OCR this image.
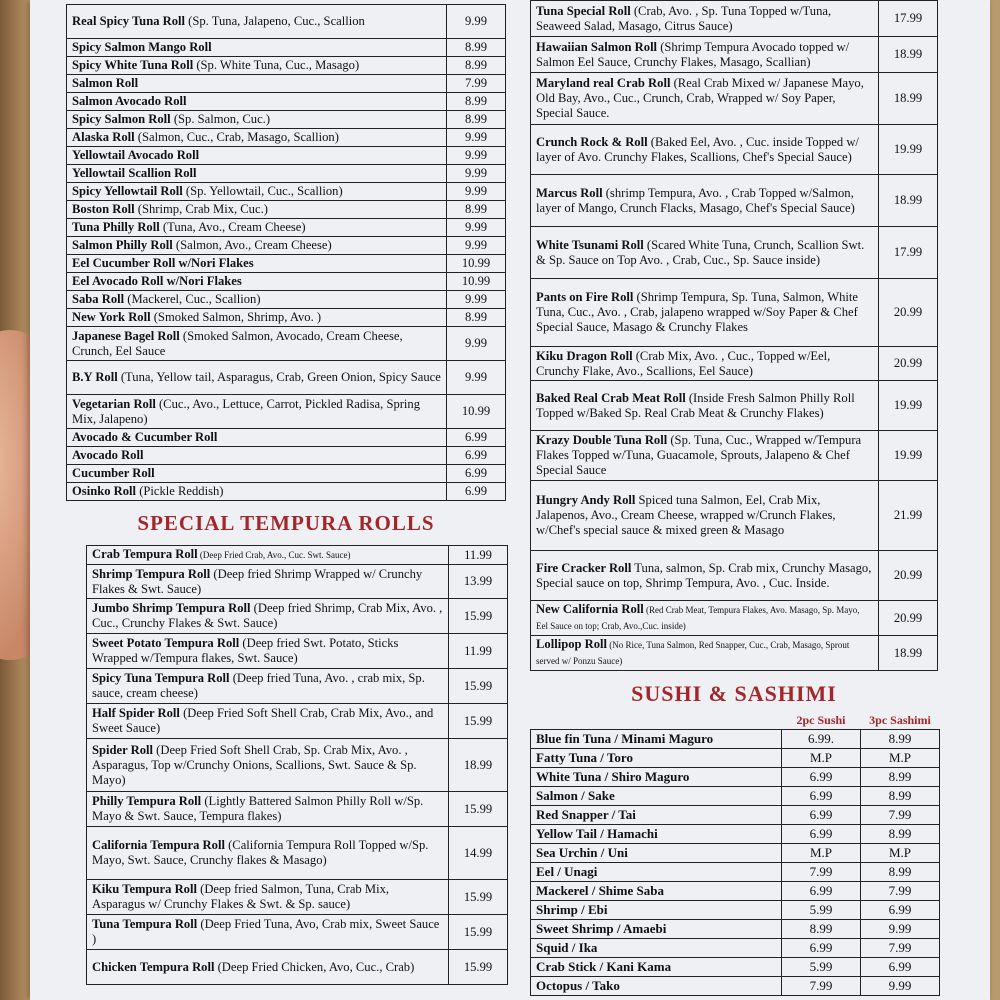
Real Spicy Tuna Roll (Sp. Tuna, Jalapeno, Cuc., Scallion	9.99
Spicy Salmon Mango Roll	8.99
Spicy White Tuna Roll (Sp. White Tuna, Cuc., Masago)	8.99
Salmon Roll	7.99
Salmon Avocado Roll	8.99
Spicy Salmon Roll (Sp. Salmon, Cuc.)	8.99
Alaska Roll (Salmon, Cuc., Crab, Masago, Scallion)	9.99
Yellowtail Avocado Roll	9.99
Yellowtail Scallion Roll	9.99
Spicy Yellowtail Roll (Sp. Yellowtail, Cuc., Scallion)	9.99
Boston Roll (Shrimp, Crab Mix, Cuc.)	8.99
Tuna Philly Roll (Tuna, Avo., Cream Cheese)	9.99
Salmon Philly Roll (Salmon, Avo., Cream Cheese)	9.99
Eel Cucumber Roll w/Nori Flakes	10.99
Eel Avocado Roll w/Nori Flakes	10.99
Saba Roll (Mackerel, Cuc., Scallion)	9.99
New York Roll (Smoked Salmon, Shrimp, Avo. )	8.99
Japanese Bagel Roll (Smoked Salmon, Avocado, Cream Cheese, Crunch, Eel Sauce	9.99
B.Y Roll (Tuna, Yellow tail, Asparagus, Crab, Green Onion, Spicy Sauce	9.99
Vegetarian Roll (Cuc., Avo., Lettuce, Carrot, Pickled Radisa, Spring Mix, Jalapeno)	10.99
Avocado & Cucumber Roll	6.99
Avocado Roll	6.99
Cucumber Roll	6.99
Osinko Roll (Pickle Reddish)	6.99
SPECIAL TEMPURA ROLLS
Crab Tempura Roll (Deep Fried Crab, Avo., Cuc. Swt. Sauce)	11.99
Shrimp Tempura Roll (Deep fried Shrimp Wrapped w/ Crunchy Flakes & Swt. Sauce)	13.99
Jumbo Shrimp Tempura Roll (Deep fried Shrimp, Crab Mix, Avo. , Cuc., Crunchy Flakes & Swt. Sauce)	15.99
Sweet Potato Tempura Roll (Deep fried Swt. Potato, Sticks Wrapped w/Tempura flakes, Swt. Sauce)	11.99
Spicy Tuna Tempura Roll (Deep fried Tuna, Avo. , crab mix, Sp. sauce, cream cheese)	15.99
Half Spider Roll (Deep Fried Soft Shell Crab, Crab Mix, Avo., and Sweet Sauce)	15.99
Spider Roll (Deep Fried Soft Shell Crab, Sp. Crab Mix, Avo. , Asparagus, Top w/Crunchy Onions, Scallions, Swt. Sauce & Sp. Mayo)	18.99
Philly Tempura Roll (Lightly Battered Salmon Philly Roll w/Sp. Mayo & Swt. Sauce, Tempura flakes)	15.99
California Tempura Roll (California Tempura Roll Topped w/Sp. Mayo, Swt. Sauce, Crunchy flakes & Masago)	14.99
Kiku Tempura Roll (Deep fried Salmon, Tuna, Crab Mix, Asparagus w/ Crunchy Flakes & Swt. & Sp. sauce)	15.99
Tuna Tempura Roll (Deep Fried Tuna, Avo, Crab mix, Sweet Sauce )	15.99
Chicken Tempura Roll (Deep Fried Chicken, Avo, Cuc., Crab)	15.99
Tuna Special Roll (Crab, Avo. , Sp. Tuna Topped w/Tuna, Seaweed Salad, Masago, Citrus Sauce)	17.99
Hawaiian Salmon Roll (Shrimp Tempura Avocado topped w/ Salmon Eel Sauce, Crunchy Flakes, Masago, Scallian)	18.99
Maryland real Crab Roll (Real Crab Mixed w/ Japanese Mayo, Old Bay, Avo., Cuc., Crunch, Crab, Wrapped w/ Soy Paper, Special Sauce.	18.99
Crunch Rock & Roll (Baked Eel, Avo. , Cuc. inside Topped w/ layer of Avo. Crunchy Flakes, Scallions, Chef's Special Sauce)	19.99
Marcus Roll (shrimp Tempura, Avo. , Crab Topped w/Salmon, layer of Mango, Crunch Flacks, Masago, Chef's Special Sauce)	18.99
White Tsunami Roll (Scared White Tuna, Crunch, Scallion Swt. & Sp. Sauce on Top Avo. , Crab, Cuc., Sp. Sauce inside)	17.99
Pants on Fire Roll (Shrimp Tempura, Sp. Tuna, Salmon, White Tuna, Cuc., Avo. , Crab, jalapeno wrapped w/Soy Paper & Chef Special Sauce, Masago & Crunchy Flakes	20.99
Kiku Dragon Roll (Crab Mix, Avo. , Cuc., Topped w/Eel, Crunchy Flake, Avo., Scallions, Eel Sauce)	20.99
Baked Real Crab Meat Roll (Inside Fresh Salmon Philly Roll Topped w/Baked Sp. Real Crab Meat & Crunchy Flakes)	19.99
Krazy Double Tuna Roll (Sp. Tuna, Cuc., Wrapped w/Tempura Flakes Topped w/Tuna, Guacamole, Sprouts, Jalapeno & Chef Special Sauce	19.99
Hungry Andy Roll Spiced tuna Salmon, Eel, Crab Mix, Jalapenos, Avo., Cream Cheese, wrapped w/Crunch Flakes, w/Chef's special sauce & mixed green & Masago	21.99
Fire Cracker Roll Tuna, salmon, Sp. Crab mix, Crunchy Masago, Special sauce on top, Shrimp Tempura, Avo. , Cuc. Inside.	20.99
New California Roll (Red Crab Meat, Tempura Flakes, Avo. Masago, Sp. Mayo, Eel Sauce on top; Crab, Avo.,Cuc. inside)	20.99
Lollipop Roll (No Rice, Tuna Salmon, Red Snapper, Cuc., Crab, Masago, Sprout served w/ Ponzu Sauce)	18.99
SUSHI & SASHIMI
	2pc Sushi	3pc Sashimi
Blue fin Tuna / Minami Maguro	6.99.	8.99
Fatty Tuna / Toro	M.P	M.P
White Tuna / Shiro Maguro	6.99	8.99
Salmon / Sake	6.99	8.99
Red Snapper / Tai	6.99	7.99
Yellow Tail / Hamachi	6.99	8.99
Sea Urchin / Uni	M.P	M.P
Eel / Unagi	7.99	8.99
Mackerel / Shime Saba	6.99	7.99
Shrimp / Ebi	5.99	6.99
Sweet Shrimp / Amaebi	8.99	9.99
Squid / Ika	6.99	7.99
Crab Stick / Kani Kama	5.99	6.99
Octopus / Tako	7.99	9.99
